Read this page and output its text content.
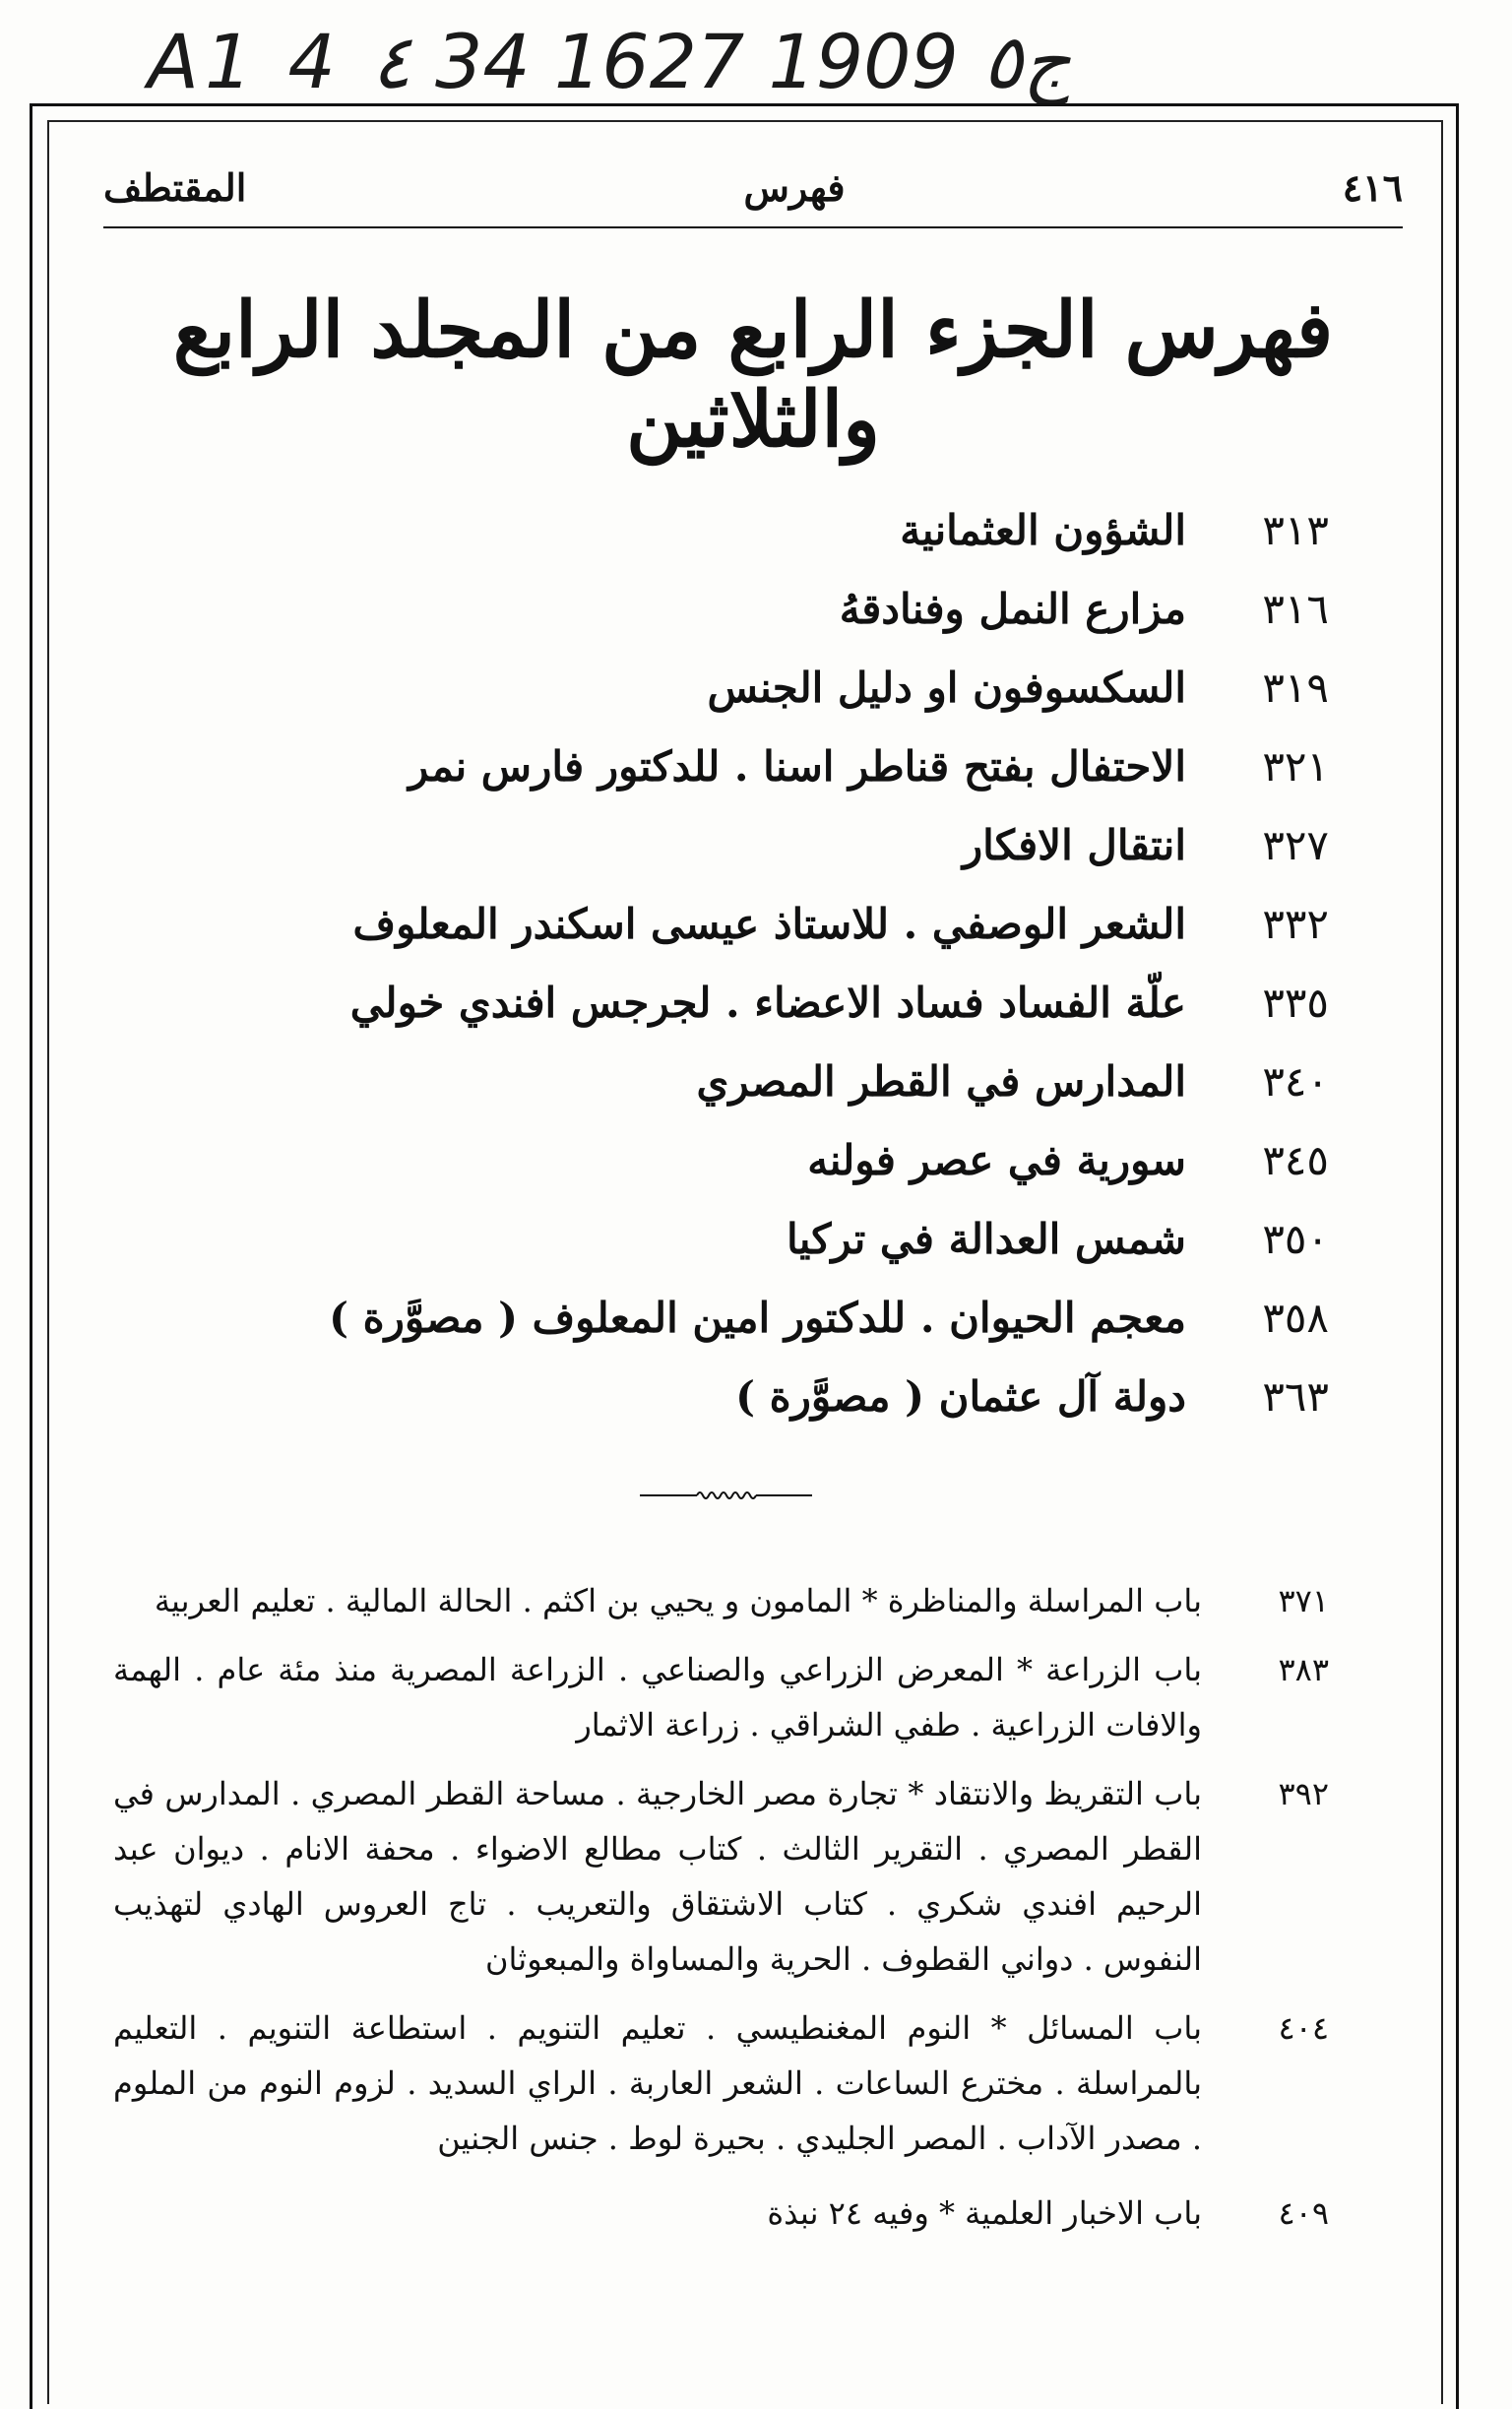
A1 4 ٤ 34 ج٥ 1909 1627
٤١٦
فهرس
المقتطف
فهرس الجزء الرابع من المجلد الرابع والثلاثين
٣١٣
الشؤون العثمانية
٣١٦
مزارع النمل وفنادقهُ
٣١٩
السكسوفون او دليل الجنس
٣٢١
الاحتفال بفتح قناطر اسنا . للدكتور فارس نمر
٣٢٧
انتقال الافكار
٣٣٢
الشعر الوصفي . للاستاذ عيسى اسكندر المعلوف
٣٣٥
علّة الفساد فساد الاعضاء . لجرجس افندي خولي
٣٤٠
المدارس في القطر المصري
٣٤٥
سورية في عصر فولنه
٣٥٠
شمس العدالة في تركيا
٣٥٨
معجم الحيوان . للدكتور امين المعلوف ( مصوَّرة )
٣٦٣
دولة آل عثمان ( مصوَّرة )
٣٧١
باب المراسلة والمناظرة * المامون و يحيي بن اكثم . الحالة المالية . تعليم العربية
٣٨٣
باب الزراعة * المعرض الزراعي والصناعي . الزراعة المصرية منذ مئة عام . الهمة والافات الزراعية . طفي الشراقي . زراعة الاثمار
٣٩٢
باب التقريظ والانتقاد * تجارة مصر الخارجية . مساحة القطر المصري . المدارس في القطر المصري . التقرير الثالث . كتاب مطالع الاضواء . محفة الانام . ديوان عبد الرحيم افندي شكري . كتاب الاشتقاق والتعريب . تاج العروس الهادي لتهذيب النفوس . دواني القطوف . الحرية والمساواة والمبعوثان
٤٠٤
باب المسائل * النوم المغنطيسي . تعليم التنويم . استطاعة التنويم . التعليم بالمراسلة . مخترع الساعات . الشعر العاربة . الراي السديد . لزوم النوم من الملوم . مصدر الآداب . المصر الجليدي . بحيرة لوط . جنس الجنين
٤٠٩
باب الاخبار العلمية * وفيه ٢٤ نبذة
